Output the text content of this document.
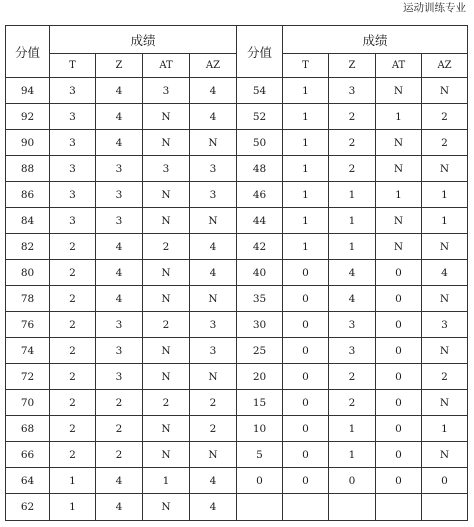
运动训练专业
分值	成绩				分值	成绩			
	T	Z	AT	AZ		T	Z	AT	AZ
94	3	4	3	4	54	1	3	N	N
92	3	4	N	4	52	1	2	1	2
90	3	4	N	N	50	1	2	N	2
88	3	3	3	3	48	1	2	N	N
86	3	3	N	3	46	1	1	1	1
84	3	3	N	N	44	1	1	N	1
82	2	4	2	4	42	1	1	N	N
80	2	4	N	4	40	0	4	0	4
78	2	4	N	N	35	0	4	0	N
76	2	3	2	3	30	0	3	0	3
74	2	3	N	3	25	0	3	0	N
72	2	3	N	N	20	0	2	0	2
70	2	2	2	2	15	0	2	0	N
68	2	2	N	2	10	0	1	0	1
66	2	2	N	N	5	0	1	0	N
64	1	4	1	4	0	0	0	0	0
62	1	4	N	4					
